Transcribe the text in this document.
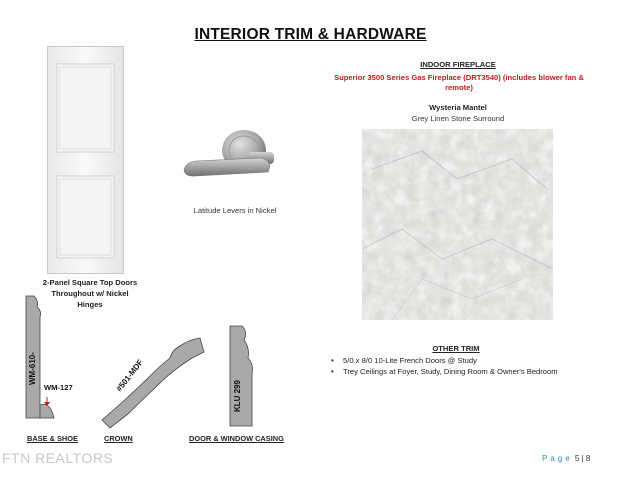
INTERIOR TRIM & HARDWARE
2-Panel Square Top Doors Throughout w/ Nickel Hinges
Latitude Levers in Nickel
INDOOR FIREPLACE
Superior 3500 Series Gas Fireplace (DRT3540) (includes blower fan & remote)
Wysteria Mantel
Grey Linen Stone Surround
OTHER TRIM
• 5/0 x 8/0 10-Lite French Doors @ Study
• Trey Ceilings at Foyer, Study, Dining Room & Owner's Bedroom
WM-610-
WM-127	#501-MDF
KLU 299
BASE & SHOE	CROWN	DOOR & WINDOW CASING
FTN REALTORS	Page 5 | 8
